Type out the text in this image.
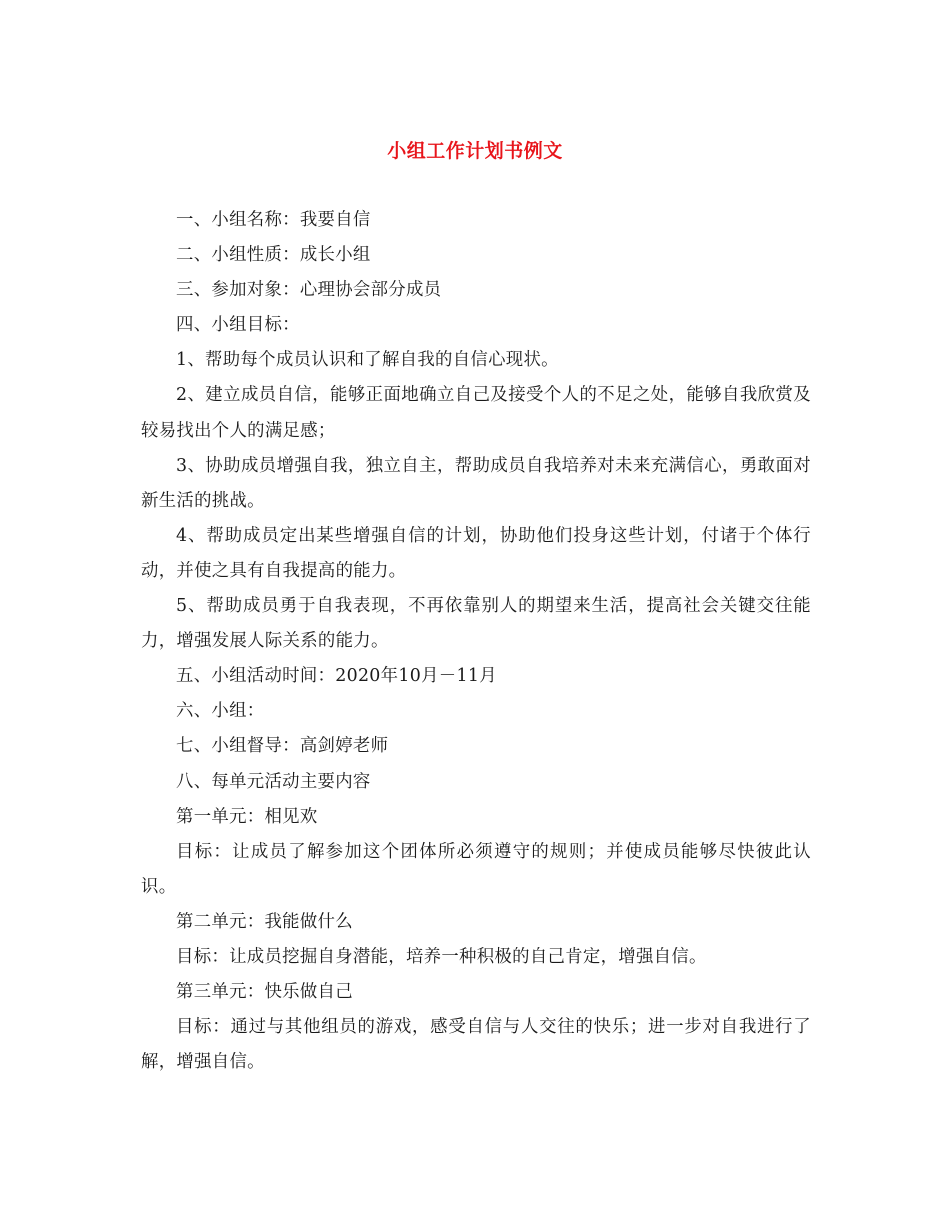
小组工作计划书例文

一、小组名称：我要自信

二、小组性质：成长小组

三、参加对象：心理协会部分成员

四、小组目标：

1、帮助每个成员认识和了解自我的自信心现状。

2、建立成员自信，能够正面地确立自己及接受个人的不足之处，能够自我欣赏及较易找出个人的满足感；

3、协助成员增强自我，独立自主，帮助成员自我培养对未来充满信心，勇敢面对新生活的挑战。

4、帮助成员定出某些增强自信的计划，协助他们投身这些计划，付诸于个体行动，并使之具有自我提高的能力。

5、帮助成员勇于自我表现，不再依靠别人的期望来生活，提高社会关键交往能力，增强发展人际关系的能力。

五、小组活动时间：2020年10月－11月

六、小组：

七、小组督导：高剑婷老师

八、每单元活动主要内容

第一单元：相见欢

目标：让成员了解参加这个团体所必须遵守的规则；并使成员能够尽快彼此认识。

第二单元：我能做什么

目标：让成员挖掘自身潜能，培养一种积极的自己肯定，增强自信。

第三单元：快乐做自己

目标：通过与其他组员的游戏，感受自信与人交往的快乐；进一步对自我进行了解，增强自信。
